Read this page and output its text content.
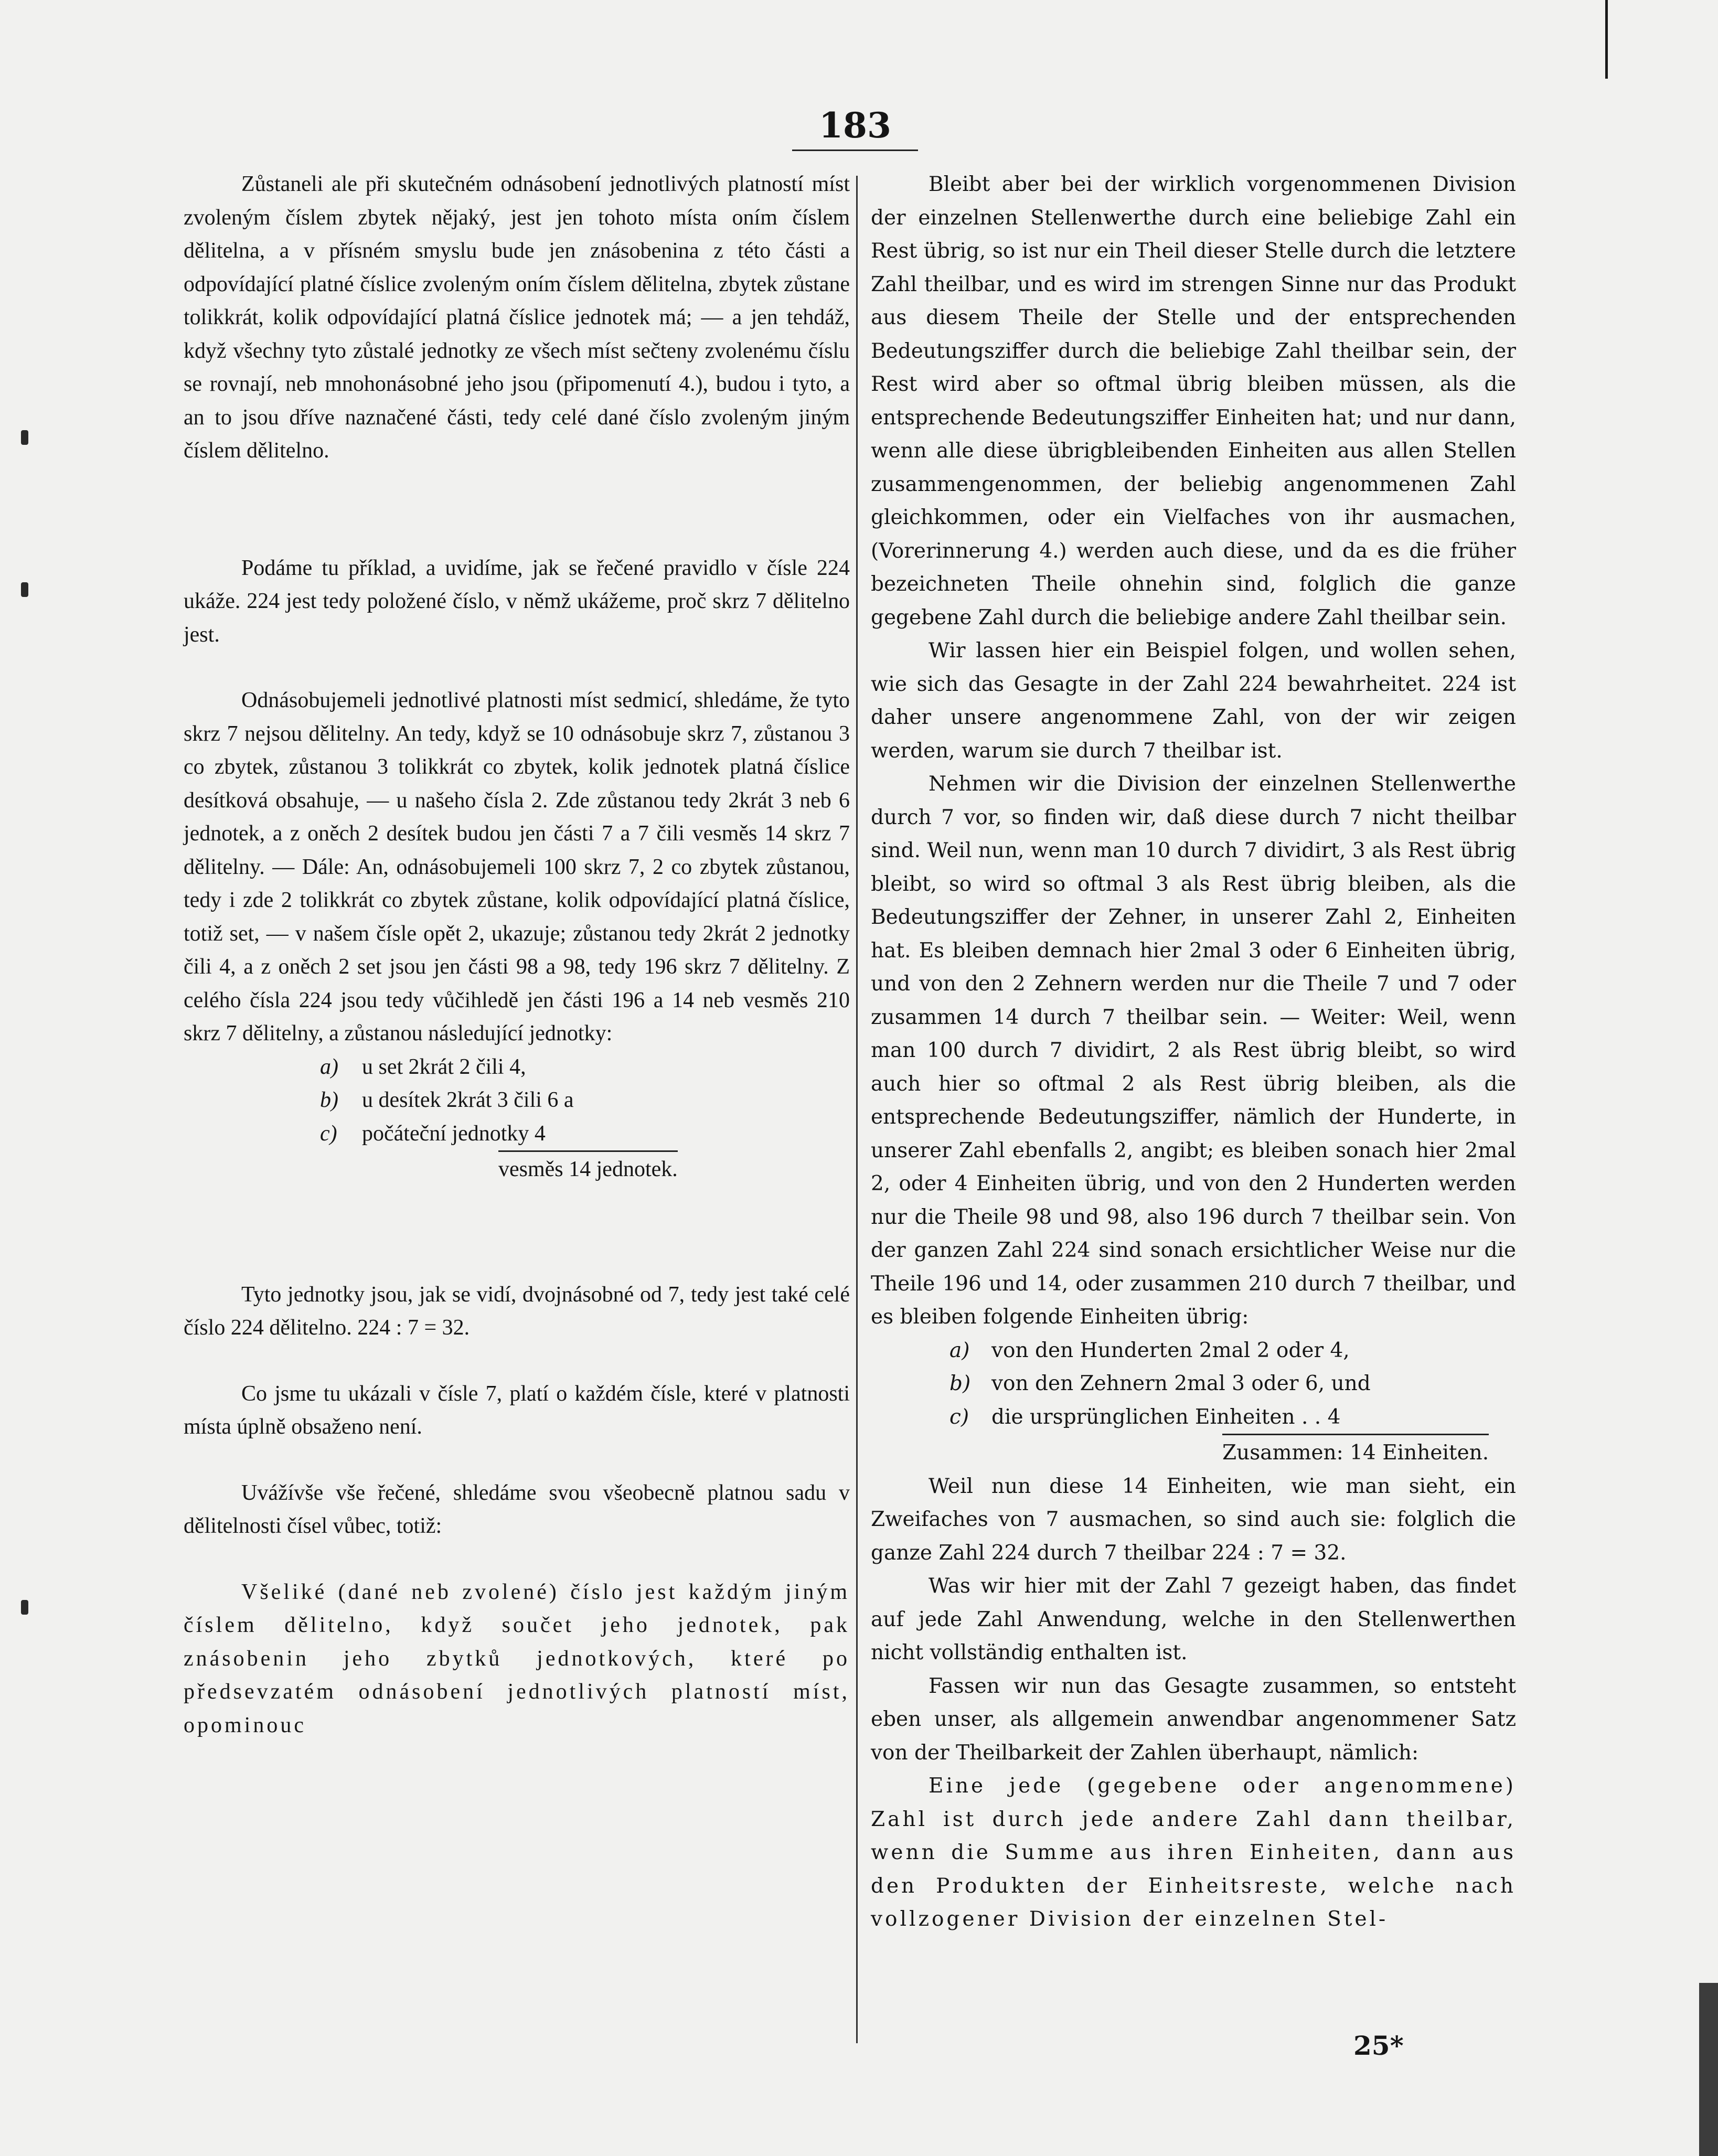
183

Zůstaneli ale při skutečném odnásobení jednotlivých platností míst zvoleným číslem zbytek nějaký, jest jen tohoto místa oním číslem dělitelna, a v přísném smyslu bude jen znásobenina z této části a odpovídající platné číslice zvoleným oním číslem dělitelna, zbytek zůstane tolikkrát, kolik odpovídající platná číslice jednotek má; — a jen tehdáž, když všechny tyto zůstalé jednotky ze všech míst sečteny zvolenému číslu se rovnají, neb mnohonásobné jeho jsou (připomenutí 4.), budou i tyto, a an to jsou dříve naznačené části, tedy celé dané číslo zvoleným jiným číslem dělitelno.

Podáme tu příklad, a uvidíme, jak se řečené pravidlo v čísle 224 ukáže. 224 jest tedy položené číslo, v němž ukážeme, proč skrz 7 dělitelno jest.

Odnásobujemeli jednotlivé platnosti míst sedmicí, shledáme, že tyto skrz 7 nejsou dělitelny. An tedy, když se 10 odnásobuje skrz 7, zůstanou 3 co zbytek, zůstanou 3 tolikkrát co zbytek, kolik jednotek platná číslice desítková obsahuje, — u našeho čísla 2. Zde zůstanou tedy 2krát 3 neb 6 jednotek, a z oněch 2 desítek budou jen části 7 a 7 čili vesměs 14 skrz 7 dělitelny. — Dále: An, odnásobujemeli 100 skrz 7, 2 co zbytek zůstanou, tedy i zde 2 tolikkrát co zbytek zůstane, kolik odpovídající platná číslice, totiž set, — v našem čísle opět 2, ukazuje; zůstanou tedy 2krát 2 jednotky čili 4, a z oněch 2 set jsou jen části 98 a 98, tedy 196 skrz 7 dělitelny. Z celého čísla 224 jsou tedy vůčihledě jen části 196 a 14 neb vesměs 210 skrz 7 dělitelny, a zůstanou následující jednotky:

a)	u set 2krát 2 čili 4,
b)	u desítek 2krát 3 čili 6 a
c)	počáteční jednotky 4
vesměs 14 jednotek.

Tyto jednotky jsou, jak se vidí, dvojnásobné od 7, tedy jest také celé číslo 224 dělitelno. 224 : 7 = 32.

Co jsme tu ukázali v čísle 7, platí o každém čísle, které v platnosti místa úplně obsaženo není.

Uvážívše vše řečené, shledáme svou všeobecně platnou sadu v dělitelnosti čísel vůbec, totiž:

Všeliké (dané neb zvolené) číslo jest každým jiným číslem dělitelno, když součet jeho jednotek, pak znásobenin jeho zbytků jednotkových, které po předsevzatém odnásobení jednotlivých platností míst, opominouc

Bleibt aber bei der wirklich vorgenommenen Division der einzelnen Stellenwerthe durch eine beliebige Zahl ein Rest übrig, so ist nur ein Theil dieser Stelle durch die letztere Zahl theilbar, und es wird im strengen Sinne nur das Produkt aus diesem Theile der Stelle und der entsprechenden Bedeutungsziffer durch die beliebige Zahl theilbar sein, der Rest wird aber so oftmal übrig bleiben müssen, als die entsprechende Bedeutungsziffer Einheiten hat; und nur dann, wenn alle diese übrigbleibenden Einheiten aus allen Stellen zusammengenommen, der beliebig angenommenen Zahl gleichkommen, oder ein Vielfaches von ihr ausmachen, (Vorerinnerung 4.) werden auch diese, und da es die früher bezeichneten Theile ohnehin sind, folglich die ganze gegebene Zahl durch die beliebige andere Zahl theilbar sein.

Wir lassen hier ein Beispiel folgen, und wollen sehen, wie sich das Gesagte in der Zahl 224 bewahrheitet. 224 ist daher unsere angenommene Zahl, von der wir zeigen werden, warum sie durch 7 theilbar ist.

Nehmen wir die Division der einzelnen Stellenwerthe durch 7 vor, so finden wir, daß diese durch 7 nicht theilbar sind. Weil nun, wenn man 10 durch 7 dividirt, 3 als Rest übrig bleibt, so wird so oftmal 3 als Rest übrig bleiben, als die Bedeutungsziffer der Zehner, in unserer Zahl 2, Einheiten hat. Es bleiben demnach hier 2mal 3 oder 6 Einheiten übrig, und von den 2 Zehnern werden nur die Theile 7 und 7 oder zusammen 14 durch 7 theilbar sein. — Weiter: Weil, wenn man 100 durch 7 dividirt, 2 als Rest übrig bleibt, so wird auch hier so oftmal 2 als Rest übrig bleiben, als die entsprechende Bedeutungsziffer, nämlich der Hunderte, in unserer Zahl ebenfalls 2, angibt; es bleiben sonach hier 2mal 2, oder 4 Einheiten übrig, und von den 2 Hunderten werden nur die Theile 98 und 98, also 196 durch 7 theilbar sein. Von der ganzen Zahl 224 sind sonach ersichtlicher Weise nur die Theile 196 und 14, oder zusammen 210 durch 7 theilbar, und es bleiben folgende Einheiten übrig:

a)	von den Hunderten 2mal 2 oder 4,
b)	von den Zehnern 2mal 3 oder 6, und
c)	die ursprünglichen Einheiten . . 4
Zusammen: 14 Einheiten.

Weil nun diese 14 Einheiten, wie man sieht, ein Zweifaches von 7 ausmachen, so sind auch sie: folglich die ganze Zahl 224 durch 7 theilbar 224 : 7 = 32.

Was wir hier mit der Zahl 7 gezeigt haben, das findet auf jede Zahl Anwendung, welche in den Stellenwerthen nicht vollständig enthalten ist.

Fassen wir nun das Gesagte zusammen, so entsteht eben unser, als allgemein anwendbar angenommener Satz von der Theilbarkeit der Zahlen überhaupt, nämlich:

Eine jede (gegebene oder angenommene) Zahl ist durch jede andere Zahl dann theilbar, wenn die Summe aus ihren Einheiten, dann aus den Produkten der Einheitsreste, welche nach vollzogener Division der einzelnen Stel-

25*
